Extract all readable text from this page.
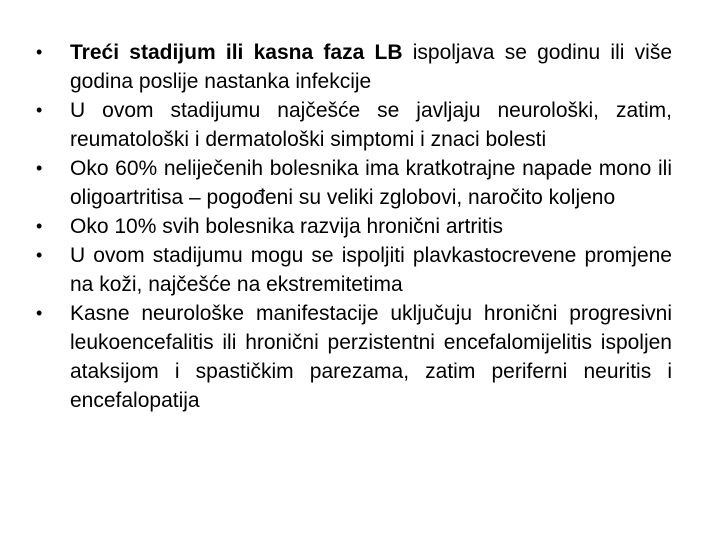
•	Treći stadijum ili kasna faza LB ispoljava se godinu ili više godina poslije nastanka infekcije
•	U ovom stadijumu najčešće se javljaju neurološki, zatim, reumatološki i dermatološki simptomi i znaci bolesti
•	Oko 60% neliječenih bolesnika ima kratkotrajne napade mono ili oligoartritisa – pogođeni su veliki zglobovi, naročito koljeno
•	Oko 10% svih bolesnika razvija hronični artritis
•	U ovom stadijumu mogu se ispoljiti plavkastocrevene promjene na koži, najčešće na ekstremitetima
•	Kasne neurološke manifestacije uključuju hronični progresivni leukoencefalitis ili hronični perzistentni encefalomijelitis ispoljen ataksijom i spastičkim parezama, zatim periferni neuritis i encefalopatija
